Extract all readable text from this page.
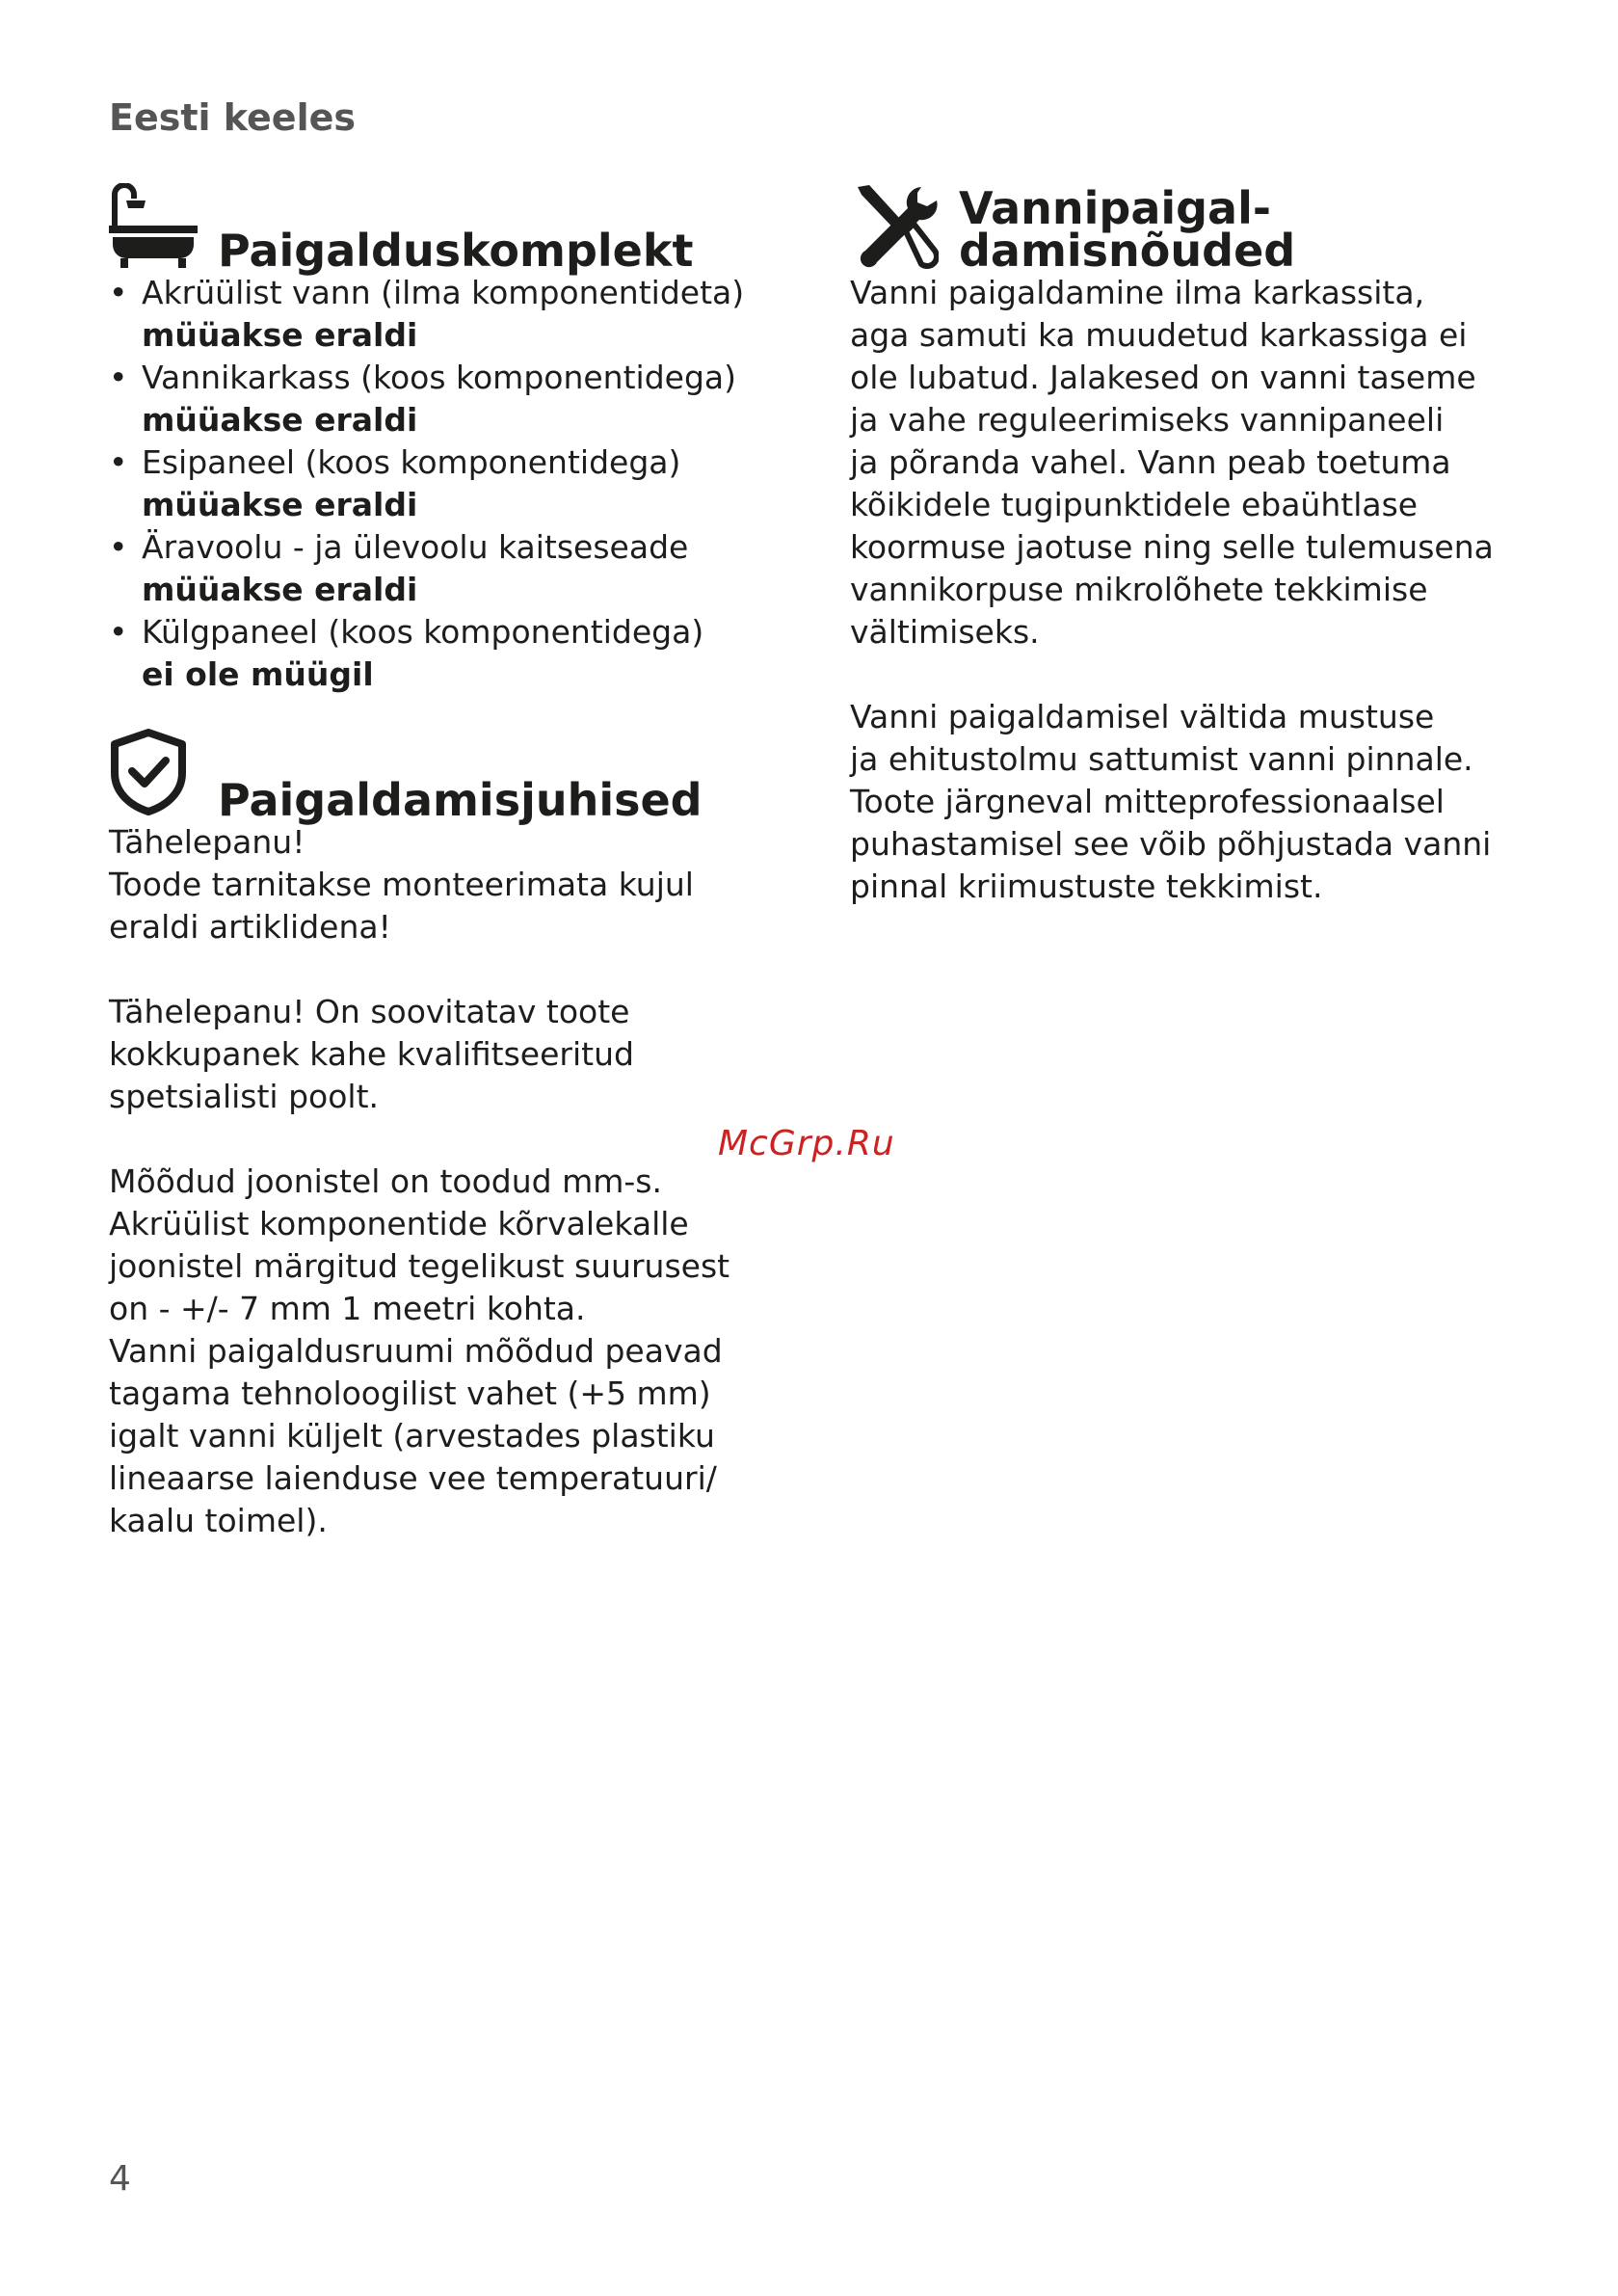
Eesti keeles
Paigalduskomplekt
• Akrüülist vann (ilma komponentideta)
müüakse eraldi
• Vannikarkass (koos komponentidega)
müüakse eraldi
• Esipaneel (koos komponentidega)
müüakse eraldi
• Äravoolu - ja ülevoolu kaitseseade
müüakse eraldi
• Külgpaneel (koos komponentidega)
ei ole müügil
Paigaldamisjuhised

Tähelepanu!
Toode tarnitakse monteerimata kujul
eraldi artiklidena!

Tähelepanu! On soovitatav toote
kokkupanek kahe kvalifitseeritud
spetsialisti poolt.

Mõõdud joonistel on toodud mm-s.
Akrüülist komponentide kõrvalekalle
joonistel märgitud tegelikust suurusest
on - +/- 7 mm 1 meetri kohta.
Vanni paigaldusruumi mõõdud peavad
tagama tehnoloogilist vahet (+5 mm)
igalt vanni küljelt (arvestades plastiku
lineaarse laienduse vee temperatuuri/
kaalu toimel).

Vannipaigal-
damisnõuded

Vanni paigaldamine ilma karkassita,
aga samuti ka muudetud karkassiga ei
ole lubatud. Jalakesed on vanni taseme
ja vahe reguleerimiseks vannipaneeli
ja põranda vahel. Vann peab toetuma
kõikidele tugipunktidele ebaühtlase
koormuse jaotuse ning selle tulemusena
vannikorpuse mikrolõhete tekkimise
vältimiseks.

Vanni paigaldamisel vältida mustuse
ja ehitustolmu sattumist vanni pinnale.
Toote järgneval mitteprofessionaalsel
puhastamisel see võib põhjustada vanni
pinnal kriimustuste tekkimist.

McGrp.Ru
4
